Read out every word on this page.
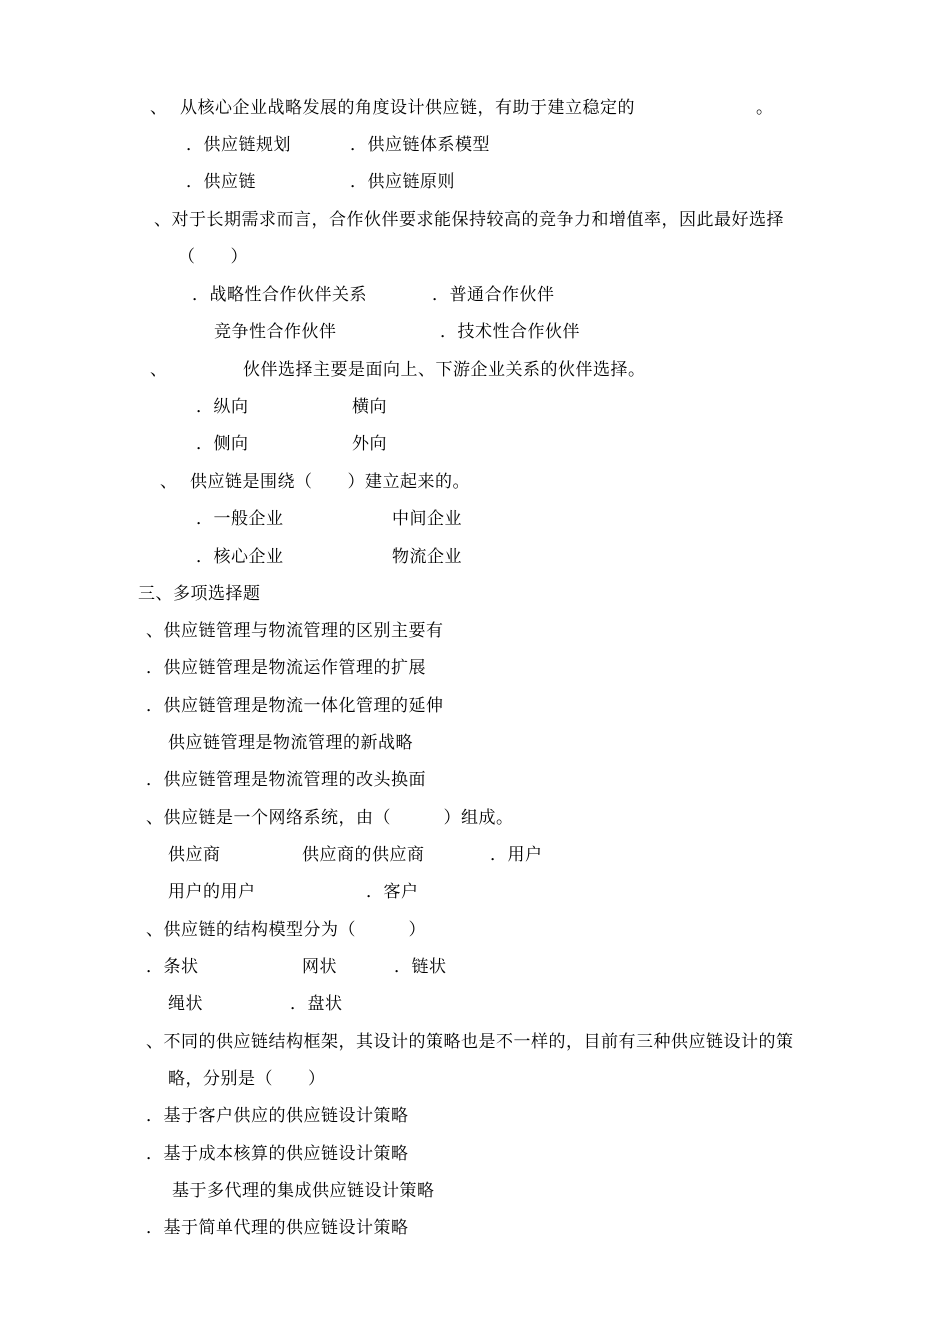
、 从核心企业战略发展的角度设计供应链，有助于建立稳定的	。
．供应链规划	．供应链体系模型
．供应链	．供应链原则
、对于长期需求而言，合作伙伴要求能保持较高的竞争力和增值率，因此最好选择
（　　）
．战略性合作伙伴关系	．普通合作伙伴
竞争性合作伙伴	．技术性合作伙伴
、	伙伴选择主要是面向上、下游企业关系的伙伴选择。
．纵向	横向
．侧向	外向
、 供应链是围绕（　　）建立起来的。
．一般企业	中间企业
．核心企业	物流企业
三、多项选择题
、供应链管理与物流管理的区别主要有
．供应链管理是物流运作管理的扩展
．供应链管理是物流一体化管理的延伸
供应链管理是物流管理的新战略
．供应链管理是物流管理的改头换面
、供应链是一个网络系统，由（　　　）组成。
供应商	供应商的供应商	．用户
用户的用户	．客户
、供应链的结构模型分为（　　　）
．条状	网状	．链状
绳状	．盘状
、不同的供应链结构框架，其设计的策略也是不一样的，目前有三种供应链设计的策
略，分别是（　　）
．基于客户供应的供应链设计策略
．基于成本核算的供应链设计策略
基于多代理的集成供应链设计策略
．基于简单代理的供应链设计策略
